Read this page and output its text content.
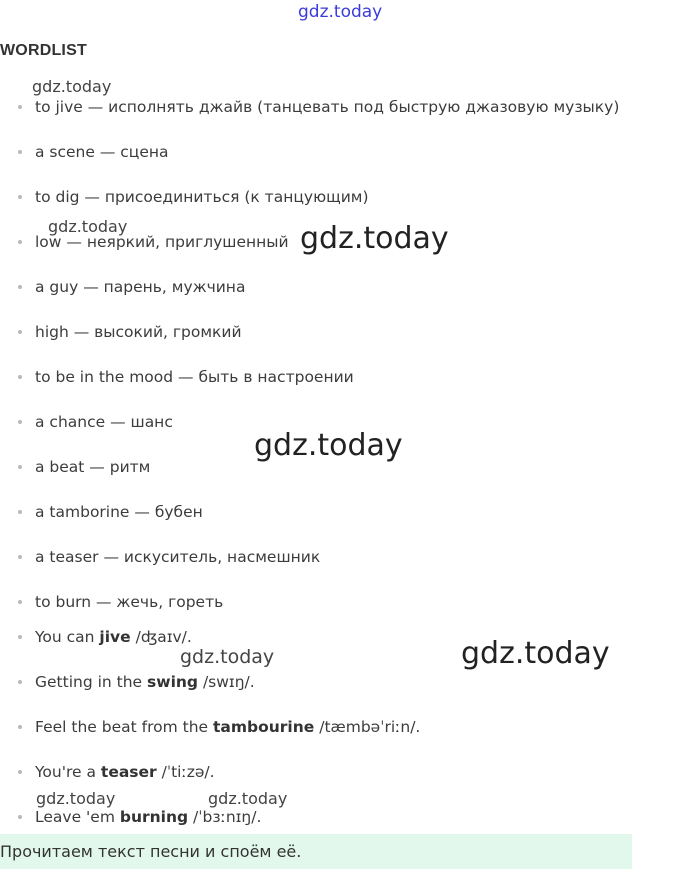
gdz.today
gdz.today
gdz.today	gdz.today
gdz.today
gdz.today	gdz.today
gdz.today	gdz.today
WORDLIST
to jive — исполнять джайв (танцевать под быструю джазовую музыку)
a scene — сцена
to dig — присоединиться (к танцующим)
low — неяркий, приглушенный
a guy — парень, мужчина
high — высокий, громкий
to be in the mood — быть в настроении
a chance — шанс
a beat — ритм
a tamborine — бубен
a teaser — искуситель, насмешник
to burn — жечь, гореть
You can jive /ʤaɪv/.
Getting in the swing /swɪŋ/.
Feel the beat from the tambourine /tæmbəˈriːn/.
You're a teaser /ˈtiːzə/.
Leave 'em burning /ˈbɜːnɪŋ/.
Прочитаем текст песни и споём её.
